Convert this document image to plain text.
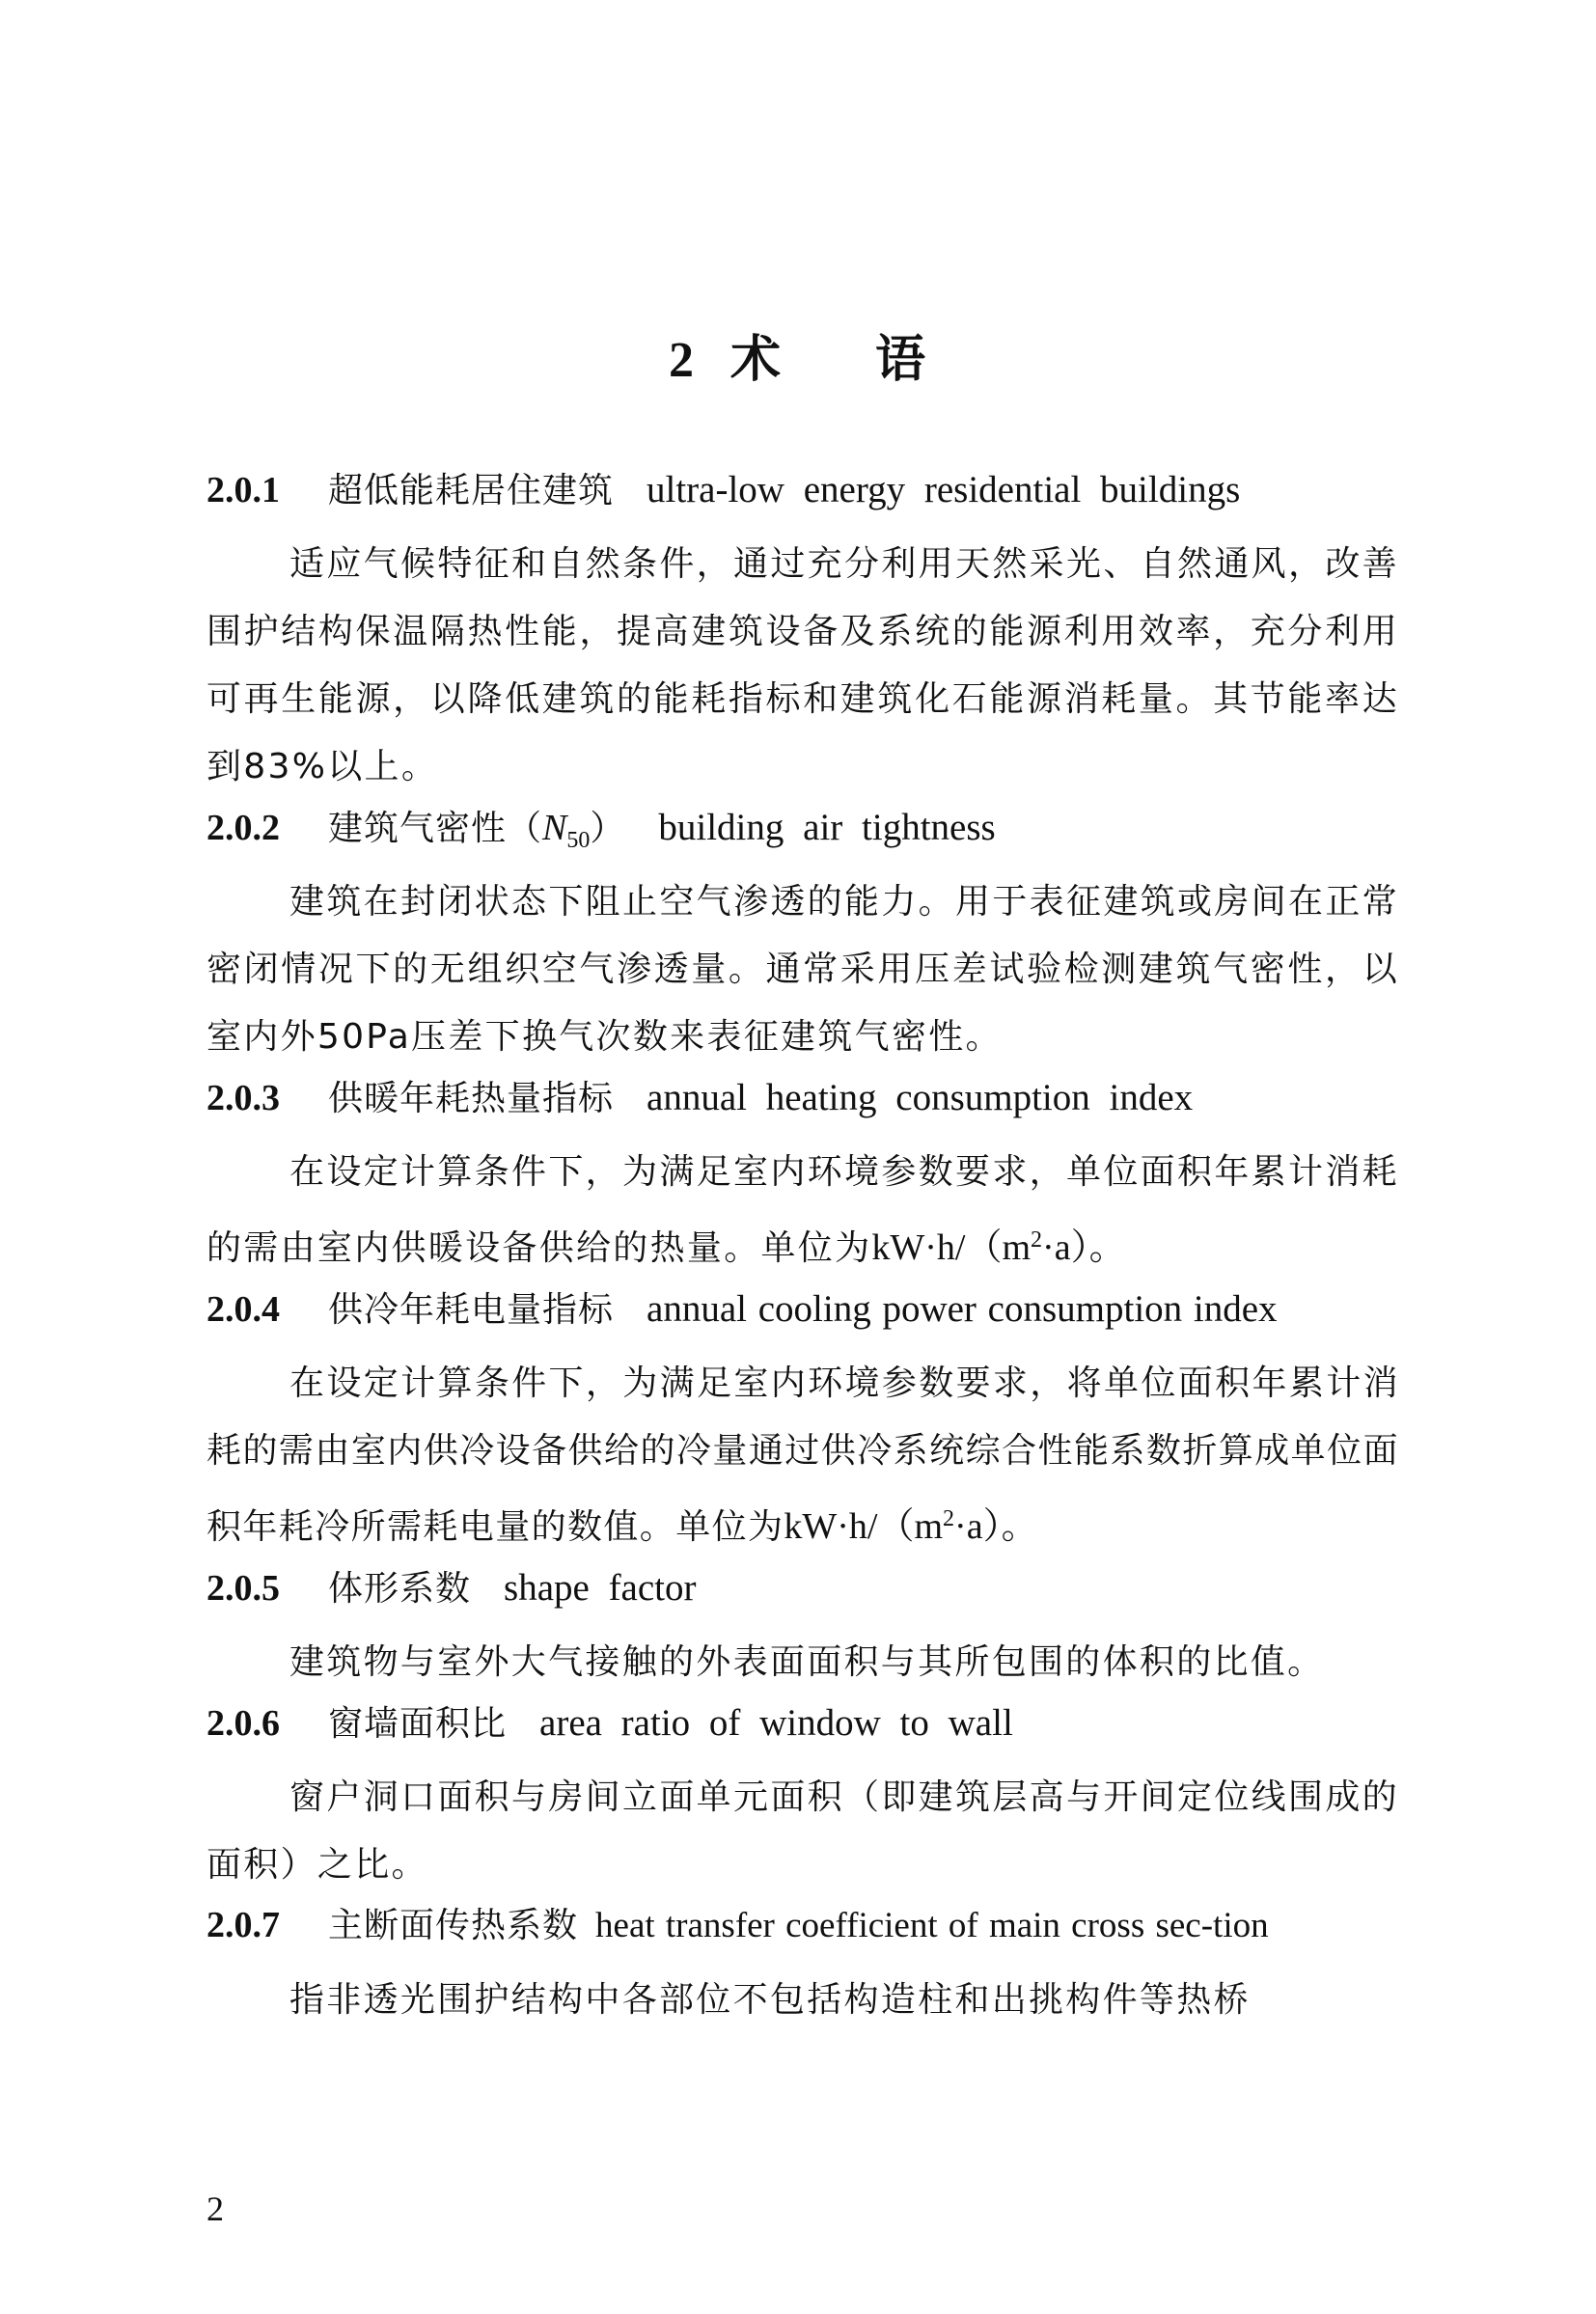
2 术 语
2.0.1	超低能耗居住建筑 ultra-low energy residential buildings

适应气候特征和自然条件，通过充分利用天然采光、自然通风，改善围护结构保温隔热性能，提高建筑设备及系统的能源利用效率，充分利用可再生能源，以降低建筑的能耗指标和建筑化石能源消耗量。其节能率达到83%以上。

2.0.2	建筑气密性$(N_{50})$ building air tightness

建筑在封闭状态下阻止空气渗透的能力。用于表征建筑或房间在正常密闭情况下的无组织空气渗透量。通常采用压差试验检测建筑气密性，以室内外50Pa压差下换气次数来表征建筑气密性。

2.0.3	供暖年耗热量指标 annual heating consumption index

在设定计算条件下，为满足室内环境参数要求，单位面积年累计消耗的需由室内供暖设备供给的热量。单位为$kW\cdot h/(m^2\cdot a)$。

2.0.4	供冷年耗电量指标 annual cooling power consumption index

在设定计算条件下，为满足室内环境参数要求，将单位面积年累计消耗的需由室内供冷设备供给的冷量通过供冷系统综合性能系数折算成单位面积年耗冷所需耗电量的数值。单位为$kW\cdot h/(m^2\cdot a)$。

2.0.5	体形系数 shape factor

建筑物与室外大气接触的外表面面积与其所包围的体积的比值。

2.0.6	窗墙面积比 area ratio of window to wall

窗户洞口面积与房间立面单元面积（即建筑层高与开间定位线围成的面积）之比。

2.0.7	主断面传热系数 heat transfer coefficient of main cross sec-tion

指非透光围护结构中各部位不包括构造柱和出挑构件等热桥

2
